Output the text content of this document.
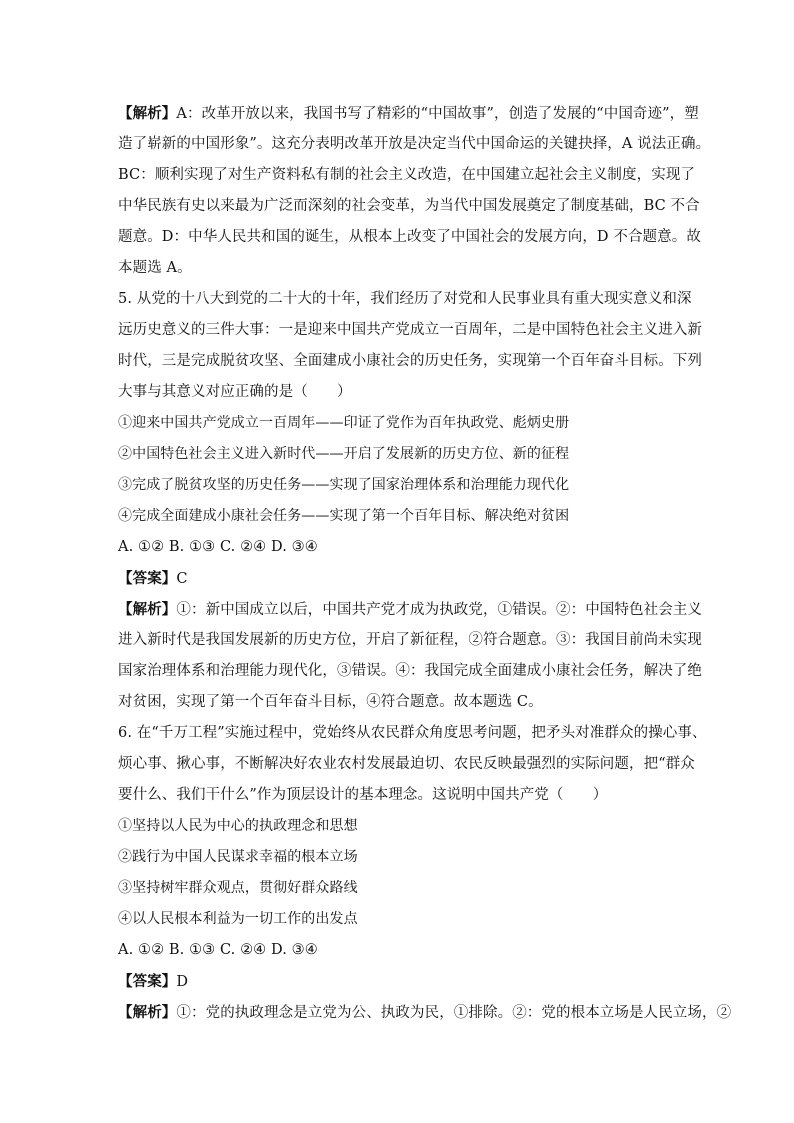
【解析】A：改革开放以来，我国书写了精彩的“中国故事”，创造了发展的“中国奇迹”，塑
造了崭新的中国形象”。这充分表明改革开放是决定当代中国命运的关键抉择，A 说法正确。
BC：顺利实现了对生产资料私有制的社会主义改造，在中国建立起社会主义制度，实现了
中华民族有史以来最为广泛而深刻的社会变革，为当代中国发展奠定了制度基础，BC 不合
题意。D：中华人民共和国的诞生，从根本上改变了中国社会的发展方向，D 不合题意。故
本题选 A。
5. 从党的十八大到党的二十大的十年，我们经历了对党和人民事业具有重大现实意义和深
远历史意义的三件大事：一是迎来中国共产党成立一百周年，二是中国特色社会主义进入新
时代，三是完成脱贫攻坚、全面建成小康社会的历史任务，实现第一个百年奋斗目标。下列
大事与其意义对应正确的是（　　）
①迎来中国共产党成立一百周年——印证了党作为百年执政党、彪炳史册
②中国特色社会主义进入新时代——开启了发展新的历史方位、新的征程
③完成了脱贫攻坚的历史任务——实现了国家治理体系和治理能力现代化
④完成全面建成小康社会任务——实现了第一个百年目标、解决绝对贫困
A. ①② B. ①③ C. ②④ D. ③④
【答案】C
【解析】①：新中国成立以后，中国共产党才成为执政党，①错误。②：中国特色社会主义
进入新时代是我国发展新的历史方位，开启了新征程，②符合题意。③：我国目前尚未实现
国家治理体系和治理能力现代化，③错误。④：我国完成全面建成小康社会任务，解决了绝
对贫困，实现了第一个百年奋斗目标，④符合题意。故本题选 C。
6. 在“千万工程”实施过程中，党始终从农民群众角度思考问题，把矛头对准群众的操心事、
烦心事、揪心事，不断解决好农业农村发展最迫切、农民反映最强烈的实际问题，把“群众
要什么、我们干什么”作为顶层设计的基本理念。这说明中国共产党（　　）
①坚持以人民为中心的执政理念和思想
②践行为中国人民谋求幸福的根本立场
③坚持树牢群众观点，贯彻好群众路线
④以人民根本利益为一切工作的出发点
A. ①② B. ①③ C. ②④ D. ③④
【答案】D
【解析】①：党的执政理念是立党为公、执政为民，①排除。②：党的根本立场是人民立场，②
